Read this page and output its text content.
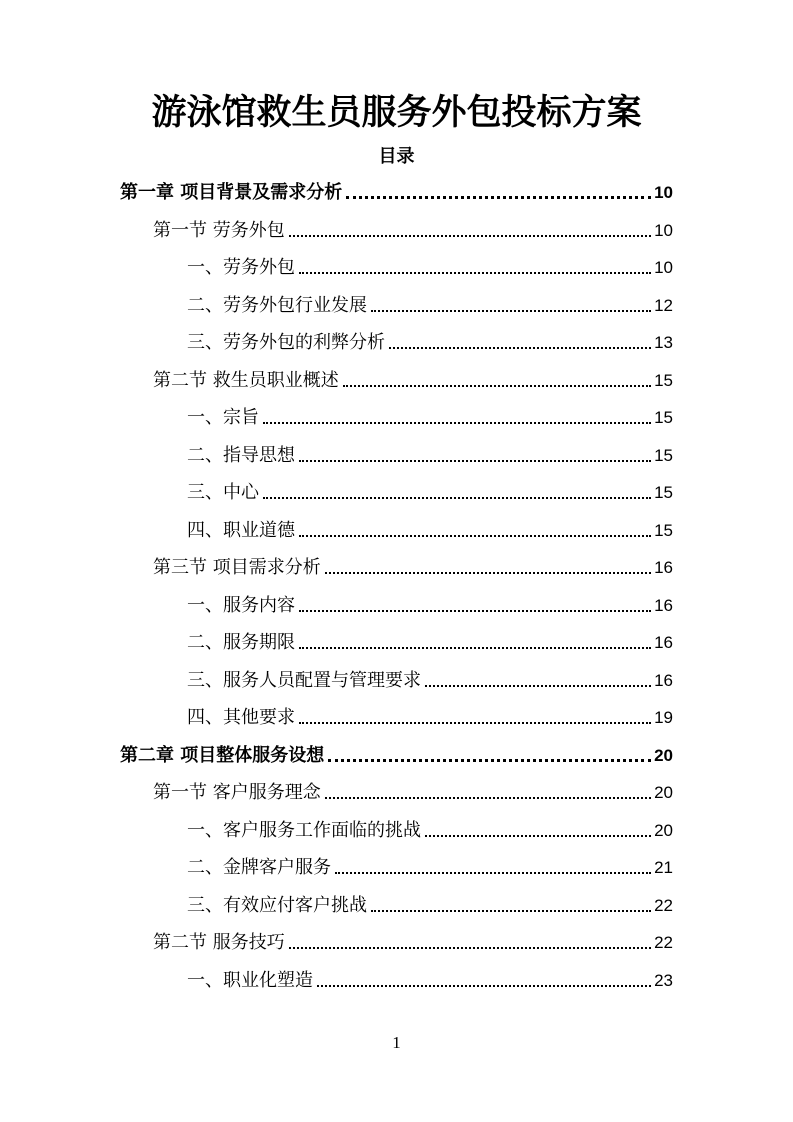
游泳馆救生员服务外包投标方案
目录
第一章 项目背景及需求分析	10
第一节 劳务外包	10
一、劳务外包	10
二、劳务外包行业发展	12
三、劳务外包的利弊分析	13
第二节 救生员职业概述	15
一、宗旨	15
二、指导思想	15
三、中心	15
四、职业道德	15
第三节 项目需求分析	16
一、服务内容	16
二、服务期限	16
三、服务人员配置与管理要求	16
四、其他要求	19
第二章 项目整体服务设想	20
第一节 客户服务理念	20
一、客户服务工作面临的挑战	20
二、金牌客户服务	21
三、有效应付客户挑战	22
第二节 服务技巧	22
一、职业化塑造	23
1
